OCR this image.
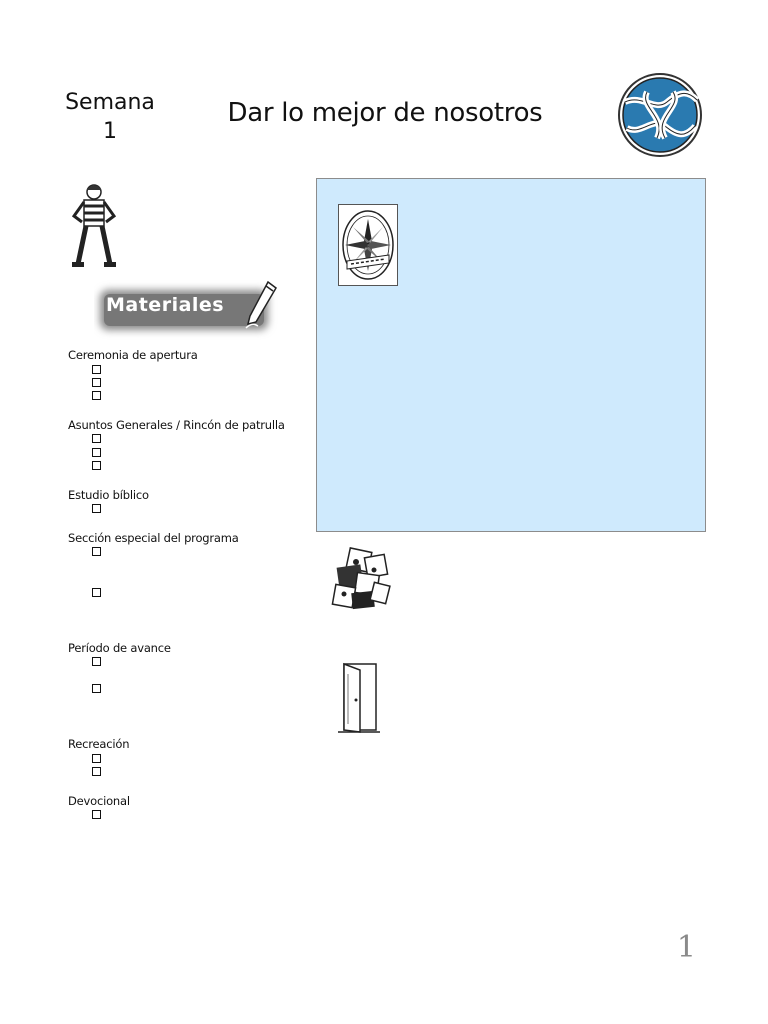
Semana
1
Dar lo mejor de nosotros
Materiales
Ceremonia de apertura
Asuntos Generales / Rincón de patrulla
Estudio bíblico
Sección especial del programa
Período de avance
Recreación
Devocional
1
